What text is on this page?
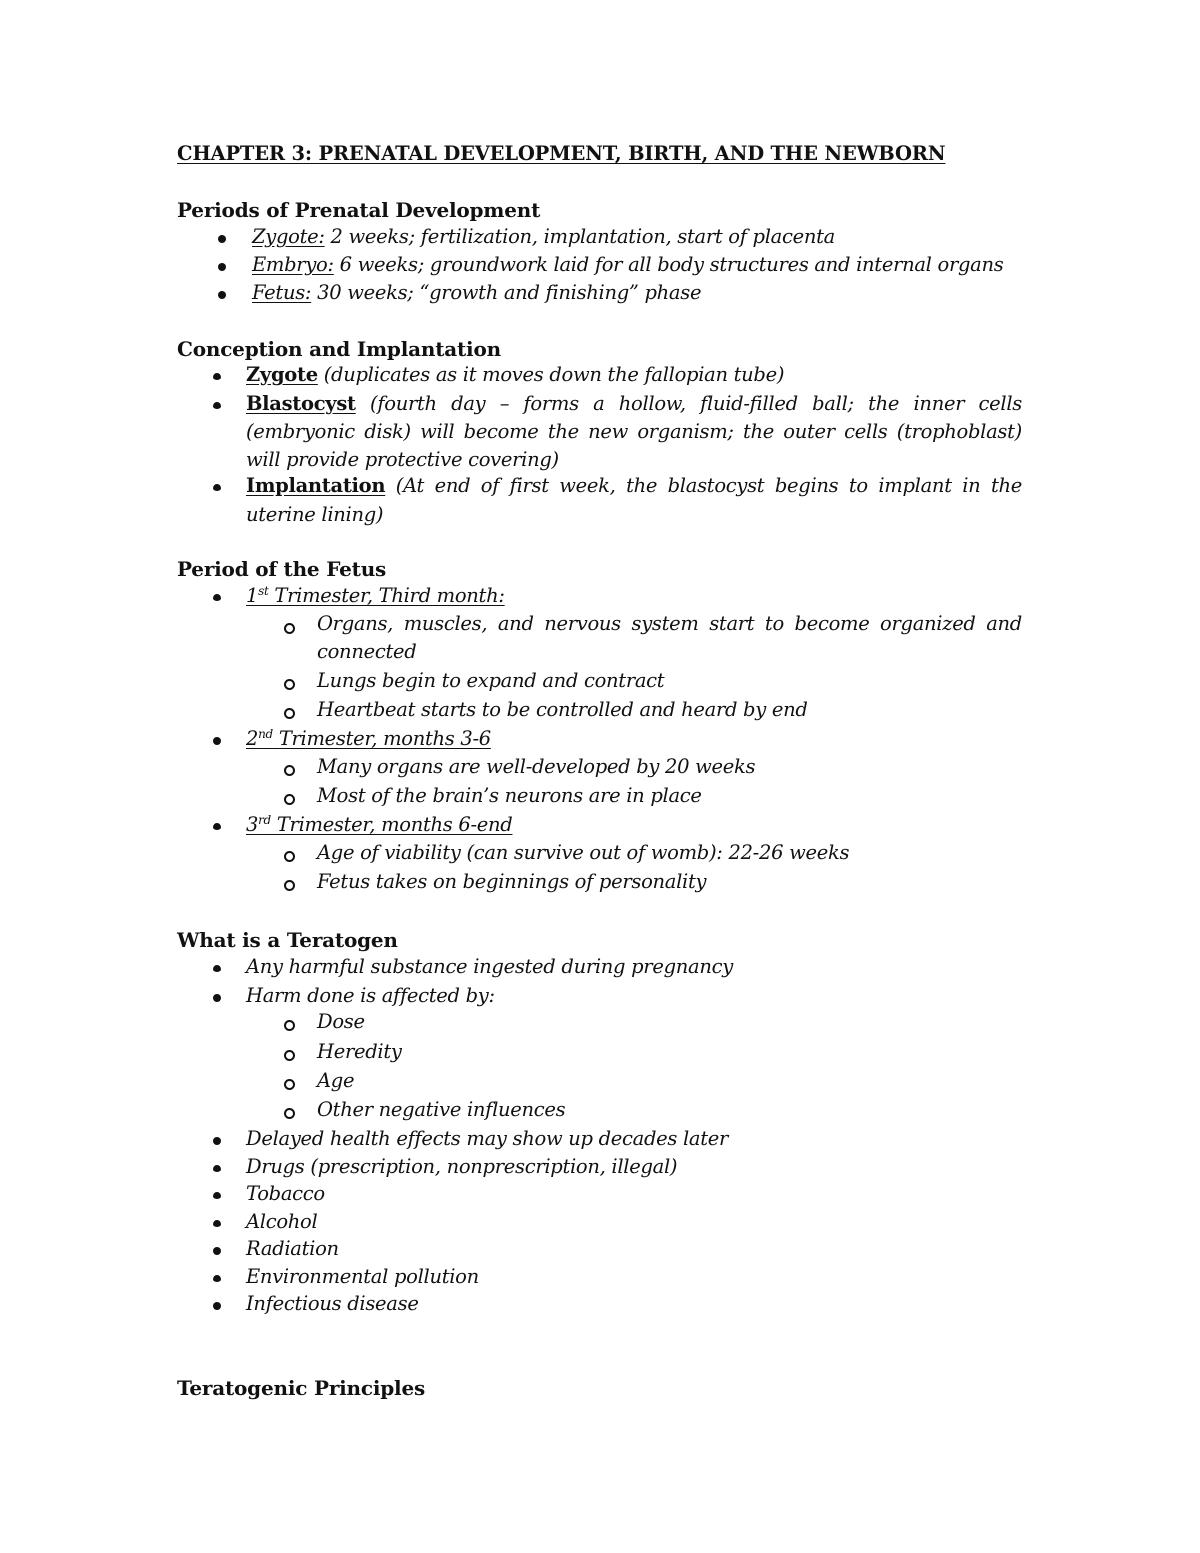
CHAPTER 3: PRENATAL DEVELOPMENT, BIRTH, AND THE NEWBORN
Periods of Prenatal Development
Zygote: 2 weeks; fertilization, implantation, start of placenta
Embryo: 6 weeks; groundwork laid for all body structures and internal organs
Fetus: 30 weeks; “growth and finishing” phase
Conception and Implantation
Zygote (duplicates as it moves down the fallopian tube)
Blastocyst (fourth day – forms a hollow, fluid-filled ball; the inner cells
(embryonic disk) will become the new organism; the outer cells (trophoblast)
will provide protective covering)
Implantation (At end of first week, the blastocyst begins to implant in the
uterine lining)
Period of the Fetus
1st Trimester, Third month:
Organs, muscles, and nervous system start to become organized and
connected
Lungs begin to expand and contract
Heartbeat starts to be controlled and heard by end
2nd Trimester, months 3-6
Many organs are well-developed by 20 weeks
Most of the brain’s neurons are in place
3rd Trimester, months 6-end
Age of viability (can survive out of womb): 22-26 weeks
Fetus takes on beginnings of personality
What is a Teratogen
Any harmful substance ingested during pregnancy
Harm done is affected by:
Dose
Heredity
Age
Other negative influences
Delayed health effects may show up decades later
Drugs (prescription, nonprescription, illegal)
Tobacco
Alcohol
Radiation
Environmental pollution
Infectious disease
Teratogenic Principles
